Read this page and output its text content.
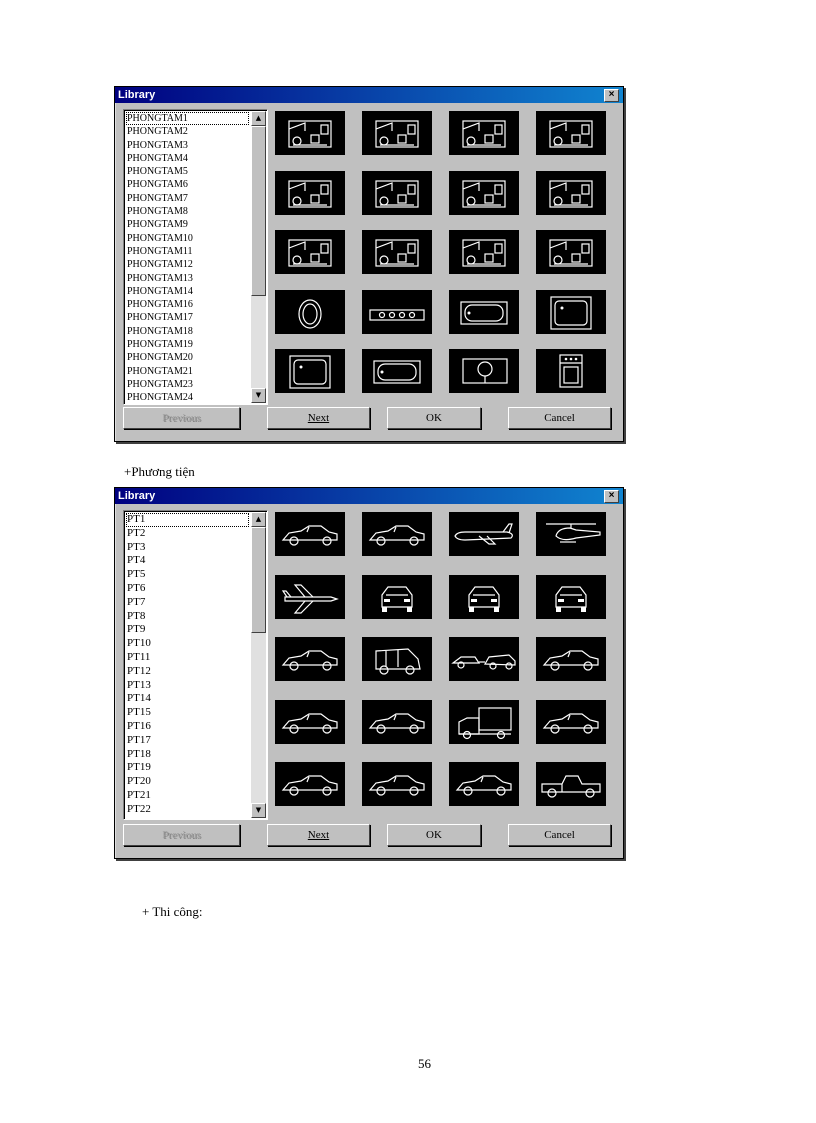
Library	×
PHONGTAM1
PHONGTAM2
PHONGTAM3
PHONGTAM4
PHONGTAM5
PHONGTAM6
PHONGTAM7
PHONGTAM8
PHONGTAM9
PHONGTAM10
PHONGTAM11
PHONGTAM12
PHONGTAM13
PHONGTAM14
PHONGTAM16
PHONGTAM17
PHONGTAM18
PHONGTAM19
PHONGTAM20
PHONGTAM21
PHONGTAM23
PHONGTAM24
▲
▼
Previous	Next	OK	Cancel
+Phương tiện
Library	×
PT1
PT2
PT3
PT4
PT5
PT6
PT7
PT8
PT9
PT10
PT11
PT12
PT13
PT14
PT15
PT16
PT17
PT18
PT19
PT20
PT21
PT22
▲
▼
Previous	Next	OK	Cancel
+ Thi công:
56
